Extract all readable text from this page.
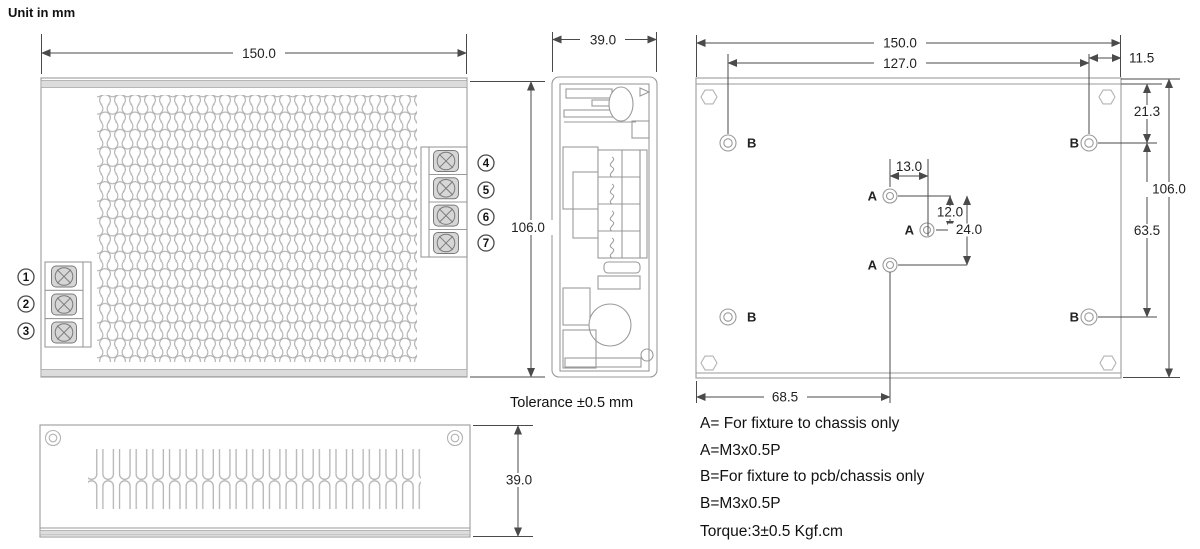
1
2
3
4
5
6
7
B	B
B	B
A
A
A
150.0
39.0
106.0
39.0
150.0
127.0	11.5
21.3
63.5
106.0
68.5
13.0
12.0
24.0
Unit in mm
Tolerance ±0.5 mm
A= For fixture to chassis only
A=M3x0.5P
B=For fixture to pcb/chassis only
B=M3x0.5P
Torque:3±0.5 Kgf.cm
